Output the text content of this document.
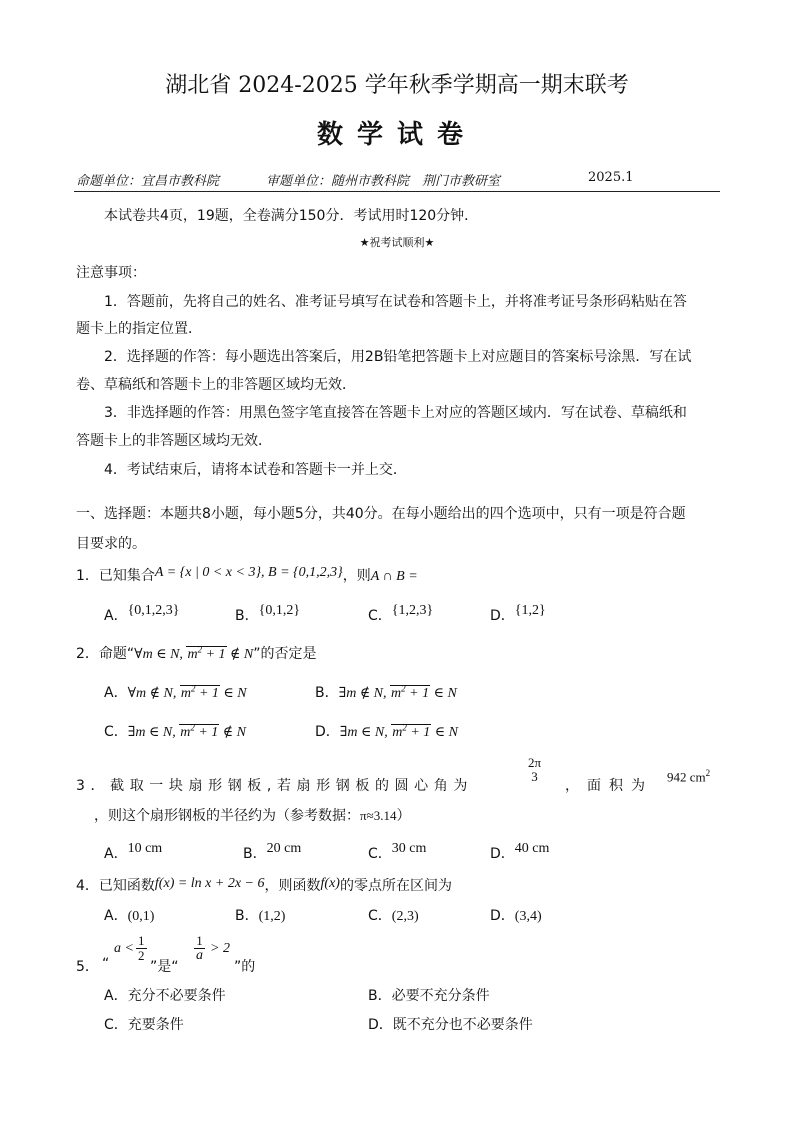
湖北省 2024-2025 学年秋季学期高一期末联考
数学试卷
命题单位：宜昌市教科院	审题单位：随州市教科院　荆门市教研室	2025.1
本试卷共4页，19题，全卷满分150分．考试用时120分钟．
★祝考试顺利★
注意事项：
1．答题前，先将自己的姓名、准考证号填写在试卷和答题卡上，并将准考证号条形码粘贴在答
题卡上的指定位置．
2．选择题的作答：每小题选出答案后，用2B铅笔把答题卡上对应题目的答案标号涂黑．写在试
卷、草稿纸和答题卡上的非答题区域均无效．
3．非选择题的作答：用黑色签字笔直接答在答题卡上对应的答题区域内．写在试卷、草稿纸和
答题卡上的非答题区域均无效．
4．考试结束后，请将本试卷和答题卡一并上交．
一、选择题：本题共8小题，每小题5分，共40分。在每小题给出的四个选项中，只有一项是符合题
目要求的。
1．已知集合A = {x | 0 < x < 3}, B = {0,1,2,3}，则A ∩ B =
A．{0,1,2,3}	B．{0,1,2}	C．{1,2,3}	D．{1,2}
2．命题“∀m ∈ N, $m^2 + 1$ ∉ N”的否定是
A．∀m ∉ N, $m^2 + 1$ ∈ N	B．∃m ∉ N, $m^2 + 1$ ∈ N
C．∃m ∈ N, $m^2 + 1$ ∉ N	D．∃m ∈ N, $m^2 + 1$ ∈ N
3．截取一块扇形钢板,若扇形钢板的圆心角为
2π
3
，面积为
942 $cm^2$
，则这个扇形钢板的半径约为（参考数据：π≈3.14）
A．10 cm	B．20 cm	C．30 cm	D．40 cm
4．已知函数f(x) = ln x + 2x − 6，则函数f(x)的零点所在区间为
A．(0,1)	B．(1,2)	C．(2,3)	D．(3,4)
5． “
$a < \frac{1}{2}$
”是“
$\frac{1}{a} > 2$
”的
A．充分不必要条件	B．必要不充分条件
C．充要条件	D．既不充分也不必要条件
